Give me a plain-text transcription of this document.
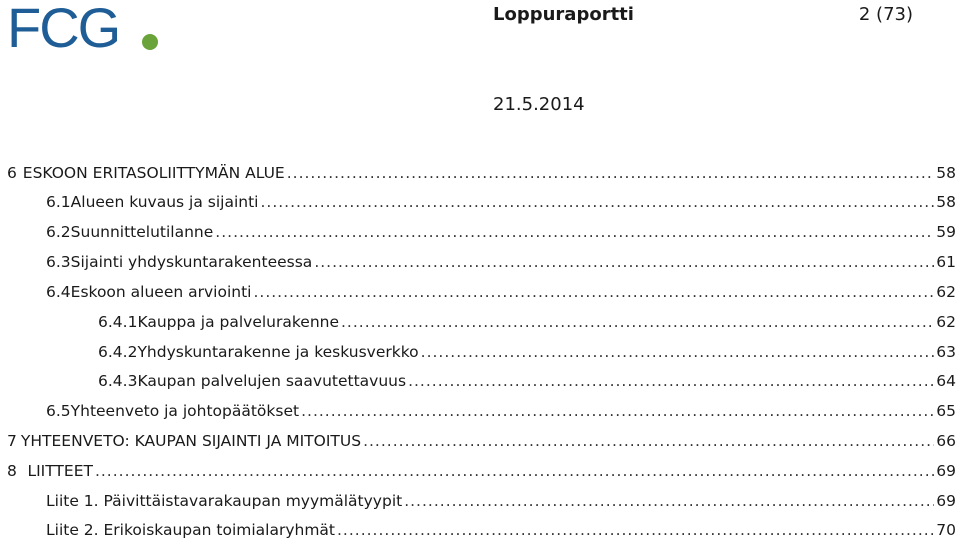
FCG	Loppuraportti	2 (73)
21.5.2014
6 ESKOON ERITASOLIITTYMÄN ALUE .....	58
6.1 Alueen kuvaus ja sijainti .....	58
6.2 Suunnittelutilanne .....	59
6.3 Sijainti yhdyskuntarakenteessa .....	61
6.4 Eskoon alueen arviointi .....	62
6.4.1 Kauppa ja palvelurakenne .....	62
6.4.2 Yhdyskuntarakenne ja keskusverkko .....	63
6.4.3 Kaupan palvelujen saavutettavuus .....	64
6.5 Yhteenveto ja johtopäätökset .....	65
7 YHTEENVETO: KAUPAN SIJAINTI JA MITOITUS .....	66
8 LIITTEET .....	69
Liite 1. Päivittäistavarakaupan myymälätyypit .....	69
Liite 2. Erikoiskaupan toimialaryhmät .....	70
